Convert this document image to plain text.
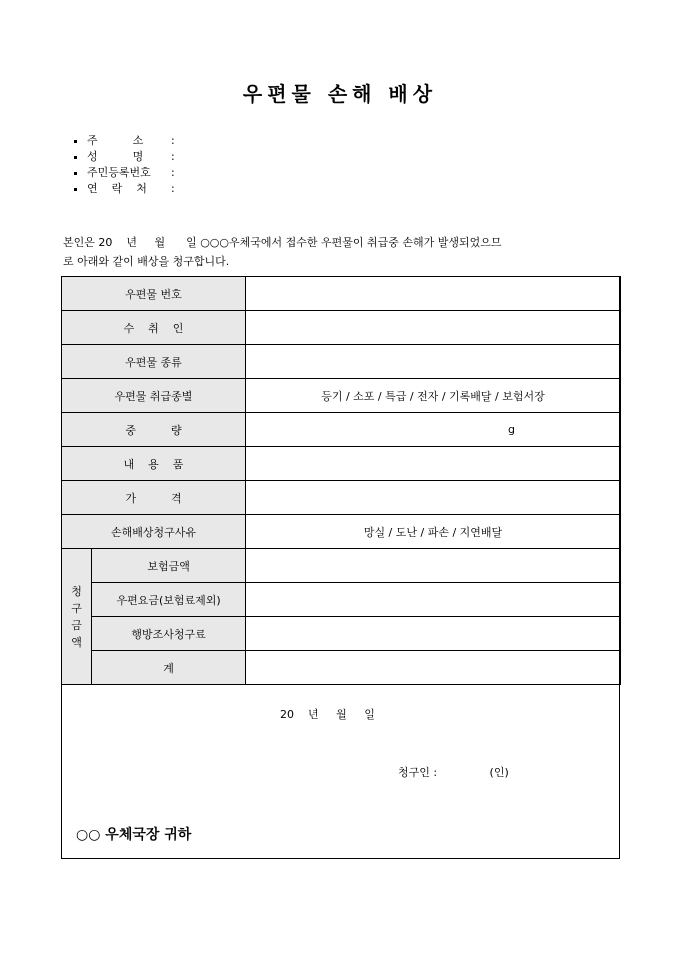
우편물 손해 배상
주          소	:
성          명	:
주민등록번호	:
연    락    처	:
본인은 20    년     월      일 ○○○우체국에서 접수한 우편물이 취급중 손해가 발생되었으므
로 아래와 같이 배상을 청구합니다.
우편물 번호		
수    취    인		
우편물 종류		
우편물 취급종별		등기 / 소포 / 특급 / 전자 / 기록배달 / 보험서장
중          량		g

내    용    품		
가          격		
손해배상청구사유		망실 / 도난 / 파손 / 지연배달

청
구
금
액	보험금액	
	우편요금(보험료제외)	
	행방조사청구료	
	계	
20    년     월     일
청구인 :               (인)
○○ 우체국장 귀하
